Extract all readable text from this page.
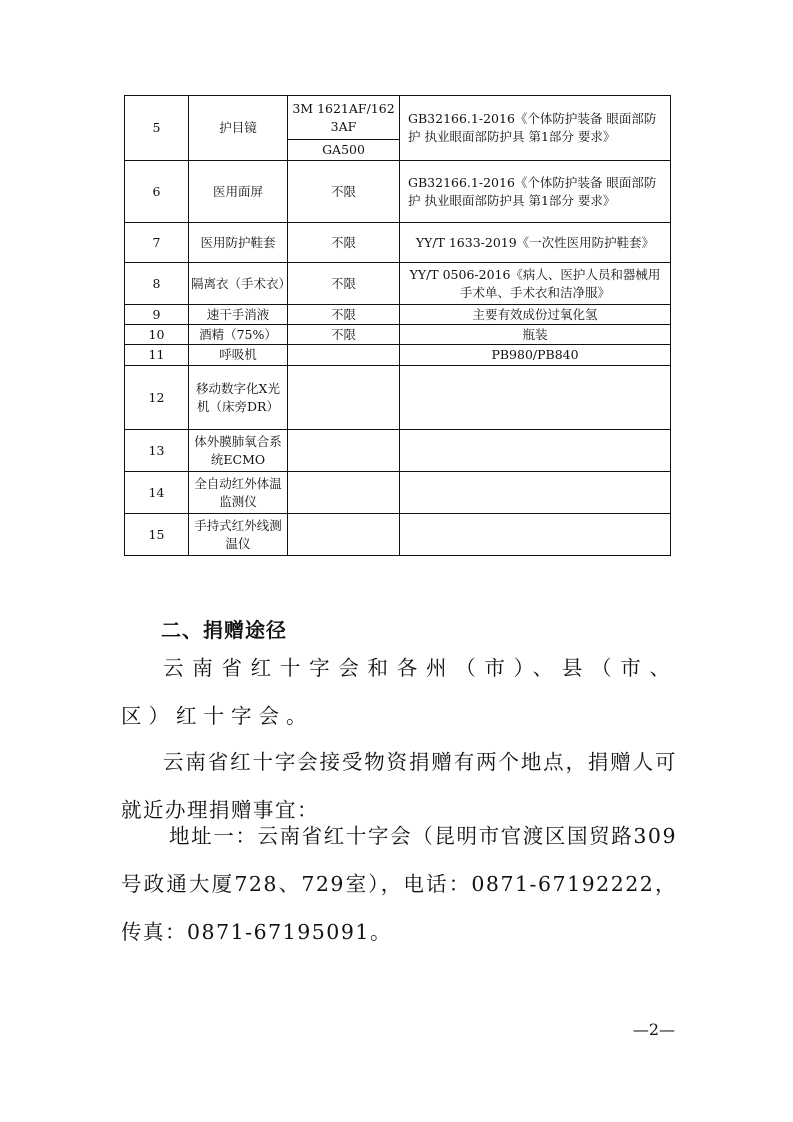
5	护目镜	3M 1621AF/1623AF	GB32166.1-2016《个体防护装备 眼面部防护 执业眼面部防护具 第1部分 要求》
		GA500	
6	医用面屏	不限	GB32166.1-2016《个体防护装备 眼面部防护 执业眼面部防护具 第1部分 要求》
7	医用防护鞋套	不限	YY/T 1633-2019《一次性医用防护鞋套》
8	隔离衣（手术衣）	不限	YY/T 0506-2016《病人、医护人员和器械用手术单、手术衣和洁净服》
9	速干手消液	不限	主要有效成份过氧化氢
10	酒精（75%）	不限	瓶装
11	呼吸机		PB980/PB840
12	移动数字化X光机（床旁DR）		
13	体外膜肺氧合系统ECMO		
14	全自动红外体温监测仪		
15	手持式红外线测温仪		
二、捐赠途径

云南省红十字会和各州（市）、县（市、区）红十字会。

云南省红十字会接受物资捐赠有两个地点，捐赠人可就近办理捐赠事宜：

地址一：云南省红十字会（昆明市官渡区国贸路309号政通大厦728、729室），电话：0871-67192222，传真：0871-67195091。

—2—
